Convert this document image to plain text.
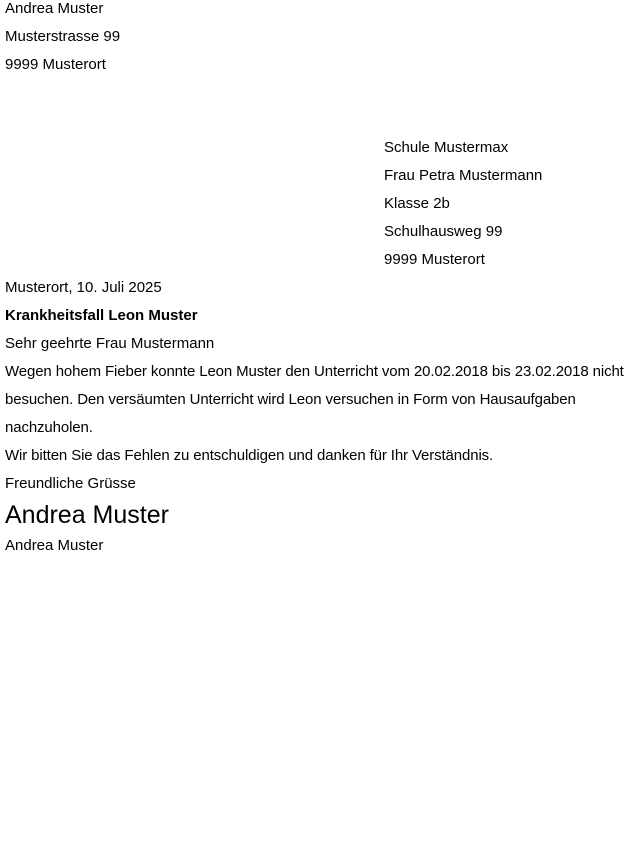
Andrea Muster

Musterstrasse 99

9999 Musterort

Schule Mustermax

Frau Petra Mustermann

Klasse 2b

Schulhausweg 99

9999 Musterort

Musterort, 10. Juli 2025

Krankheitsfall Leon Muster

Sehr geehrte Frau Mustermann

Wegen hohem Fieber konnte Leon Muster den Unterricht vom 20.02.2018 bis 23.02.2018 nicht besuchen. Den versäumten Unterricht wird Leon versuchen in Form von Hausaufgaben nachzuholen.

Wir bitten Sie das Fehlen zu entschuldigen und danken für Ihr Verständnis.

Freundliche Grüsse

Andrea Muster

Andrea Muster
